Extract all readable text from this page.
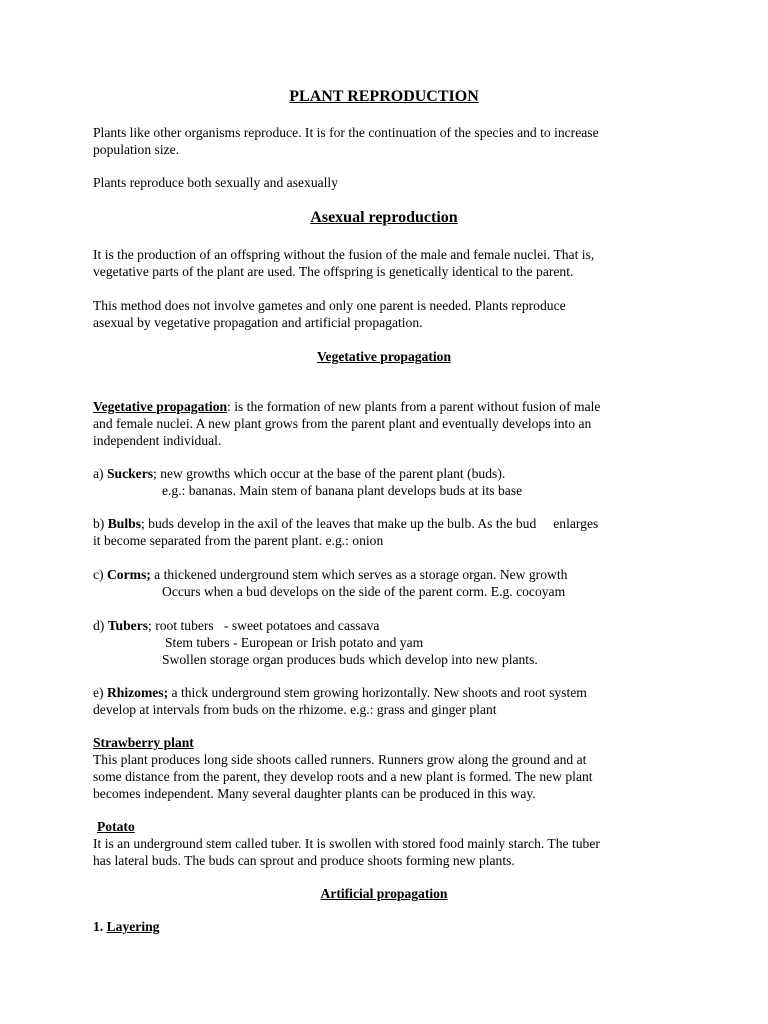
PLANT REPRODUCTION
Plants like other organisms reproduce. It is for the continuation of the species and to increase
population size.
Plants reproduce both sexually and asexually
Asexual reproduction
It is the production of an offspring without the fusion of the male and female nuclei. That is,
vegetative parts of the plant are used. The offspring is genetically identical to the parent.
This method does not involve gametes and only one parent is needed. Plants reproduce
asexual by vegetative propagation and artificial propagation.
Vegetative propagation
Vegetative propagation: is the formation of new plants from a parent without fusion of male
and female nuclei. A new plant grows from the parent plant and eventually develops into an
independent individual.
a) Suckers; new growths which occur at the base of the parent plant (buds).
e.g.: bananas. Main stem of banana plant develops buds at its base
b) Bulbs; buds develop in the axil of the leaves that make up the bulb. As the bud     enlarges
it become separated from the parent plant. e.g.: onion
c) Corms; a thickened underground stem which serves as a storage organ. New growth
Occurs when a bud develops on the side of the parent corm. E.g. cocoyam
d) Tubers; root tubers   - sweet potatoes and cassava
Stem tubers - European or Irish potato and yam
Swollen storage organ produces buds which develop into new plants.
e) Rhizomes; a thick underground stem growing horizontally. New shoots and root system
develop at intervals from buds on the rhizome. e.g.: grass and ginger plant
Strawberry plant
This plant produces long side shoots called runners. Runners grow along the ground and at
some distance from the parent, they develop roots and a new plant is formed. The new plant
becomes independent. Many several daughter plants can be produced in this way.
Potato
It is an underground stem called tuber. It is swollen with stored food mainly starch. The tuber
has lateral buds. The buds can sprout and produce shoots forming new plants.
Artificial propagation
1. Layering
